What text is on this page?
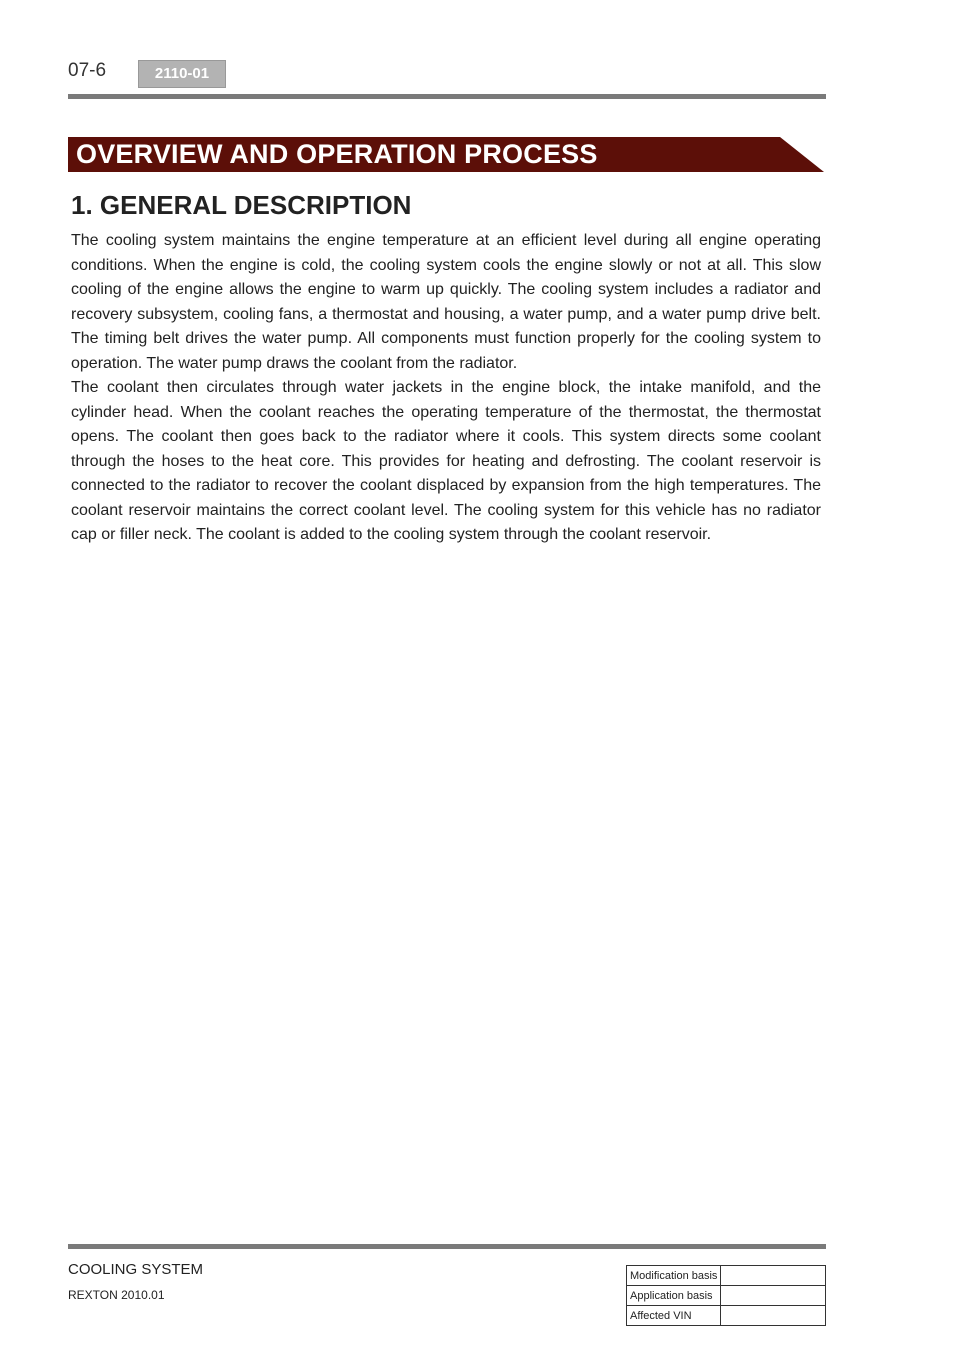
07-6	2110-01
OVERVIEW AND OPERATION PROCESS
1. GENERAL DESCRIPTION

The cooling system maintains the engine temperature at an efficient level during all engine operating conditions. When the engine is cold, the cooling system cools the engine slowly or not at all. This slow cooling of the engine allows the engine to warm up quickly. The cooling system includes a radiator and recovery subsystem, cooling fans, a thermostat and housing, a water pump, and a water pump drive belt. The timing belt drives the water pump. All components must function properly for the cooling system to operation. The water pump draws the coolant from the radiator.

The coolant then circulates through water jackets in the engine block, the intake manifold, and the cylinder head. When the coolant reaches the operating temperature of the thermostat, the thermostat opens. The coolant then goes back to the radiator where it cools. This system directs some coolant through the hoses to the heat core. This provides for heating and defrosting. The coolant reservoir is connected to the radiator to recover the coolant displaced by expansion from the high temperatures. The coolant reservoir maintains the correct coolant level. The cooling system for this vehicle has no radiator cap or filler neck. The coolant is added to the cooling system through the coolant reservoir.

COOLING SYSTEM
REXTON 2010.01
Modification basis	
Application basis	
Affected VIN	
